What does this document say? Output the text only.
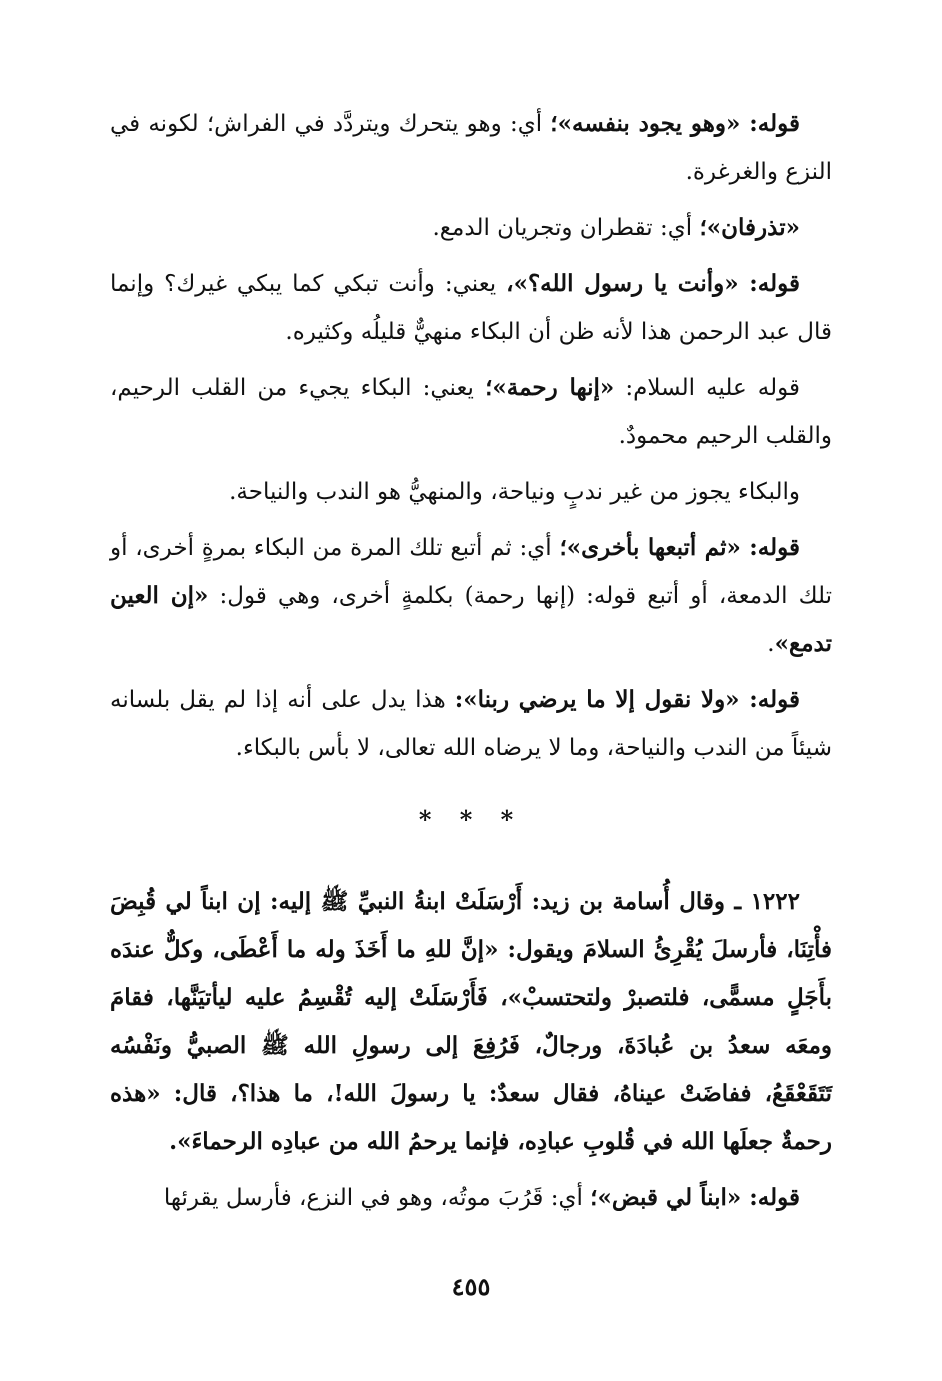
قوله: «وهو يجود بنفسه»؛ أي: وهو يتحرك ويتردَّد في الفراش؛ لكونه في النزع والغرغرة.

«تذرفان»؛ أي: تقطران وتجريان الدمع.

قوله: «وأنت يا رسول الله؟»، يعني: وأنت تبكي كما يبكي غيرك؟ وإنما قال عبد الرحمن هذا لأنه ظن أن البكاء منهيٌّ قليلُه وكثيره.

قوله عليه السلام: «إنها رحمة»؛ يعني: البكاء يجيء من القلب الرحيم، والقلب الرحيم محمودٌ.

والبكاء يجوز من غير ندبٍ ونياحة، والمنهيُّ هو الندب والنياحة.

قوله: «ثم أتبعها بأخرى»؛ أي: ثم أتبع تلك المرة من البكاء بمرةٍ أخرى، أو تلك الدمعة، أو أتبع قوله: (إنها رحمة) بكلمةٍ أخرى، وهي قول: «إن العين تدمع».

قوله: «ولا نقول إلا ما يرضي ربنا»: هذا يدل على أنه إذا لم يقل بلسانه شيئاً من الندب والنياحة، وما لا يرضاه الله تعالى، لا بأس بالبكاء.

* * *

١٢٢٢ ـ وقال أُسامة بن زيد: أَرْسَلَتْ ابنةُ النبيِّ ﷺ إليه: إن ابناً لي قُبِضَ فأْتِنَا، فأرسلَ يُقْرِئُ السلامَ ويقول: «إنَّ للهِ ما أَخَذَ وله ما أَعْطَى، وكلٌّ عندَه بأَجَلٍ مسمًّى، فلتصبرْ ولتحتسبْ»، فَأَرْسَلَتْ إليه تُقْسِمُ عليه ليأتيَنَّها، فقامَ ومعَه سعدُ بن عُبادَةَ، ورجالٌ، فَرُفِعَ إلى رسولِ الله ﷺ الصبيُّ ونَفْسُه تَتَقَعْقَعُ، ففاضَتْ عيناهُ، فقال سعدٌ: يا رسولَ الله!، ما هذا؟، قال: «هذه رحمةٌ جعلَها الله في قُلوبِ عبادِه، فإنما يرحمُ الله من عبادِه الرحماءَ».

قوله: «ابناً لي قبض»؛ أي: قَرُبَ موتُه، وهو في النزع، فأرسل يقرئها

٤٥٥
